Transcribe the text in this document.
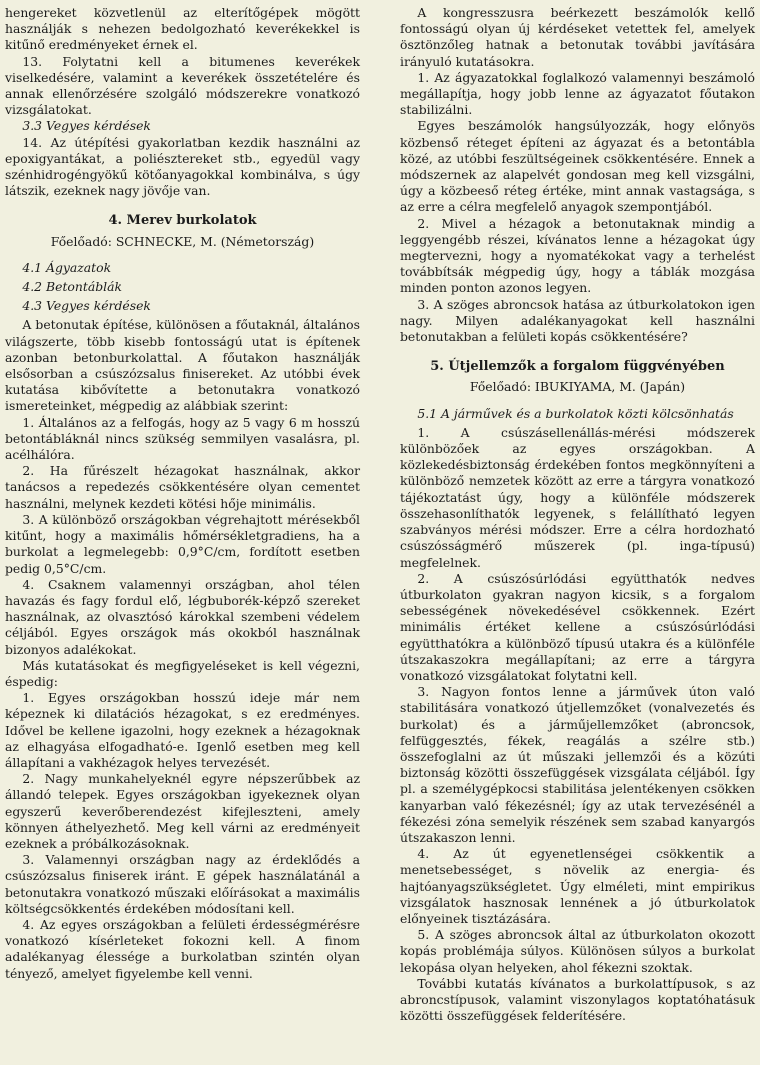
hengereket közvetlenül az elterítőgépek mögött használják s nehezen bedolgozható keverékekkel is kitűnő eredményeket érnek el.

13. Folytatni kell a bitumenes keverékek viselkedésére, valamint a keverékek összetételére és annak ellenőrzésére szolgáló módszerekre vonatkozó vizsgálatokat.

3.3 Vegyes kérdések

14. Az útépítési gyakorlatban kezdik használni az epoxigyantákat, a poliésztereket stb., egyedül vagy szénhidrogéngyökű kötőanyagokkal kombinálva, s úgy látszik, ezeknek nagy jövője van.

4. Merev burkolatok
Főelőadó: SCHNECKE, M. (Németország)

4.1 Ágyazatok

4.2 Betontáblák

4.3 Vegyes kérdések

A betonutak építése, különösen a főutaknál, általános világszerte, több kisebb fontosságú utat is építenek azonban betonburkolattal. A főutakon használják elsősorban a csúszózsalus finisereket. Az utóbbi évek kutatása kibővítette a betonutakra vonatkozó ismereteinket, mégpedig az alábbiak szerint:

1. Általános az a felfogás, hogy az 5 vagy 6 m hosszú betontábláknál nincs szükség semmilyen vasalásra, pl. acélhálóra.

2. Ha fűrészelt hézagokat használnak, akkor tanácsos a repedezés csökkentésére olyan cementet használni, melynek kezdeti kötési hője minimális.

3. A különböző országokban végrehajtott mérésekből kitűnt, hogy a maximális hőmérsékletgradiens, ha a burkolat a legmelegebb: 0,9°C/cm, fordított esetben pedig 0,5°C/cm.

4. Csaknem valamennyi országban, ahol télen havazás és fagy fordul elő, légbuborék-képző szereket használnak, az olvasztósó károkkal szembeni védelem céljából. Egyes országok más okokból használnak bizonyos adalékokat.

Más kutatásokat és megfigyeléseket is kell végezni, éspedig:

1. Egyes országokban hosszú ideje már nem képeznek ki dilatációs hézagokat, s ez eredményes. Idővel be kellene igazolni, hogy ezeknek a hézagoknak az elhagyása elfogadható-e. Igenlő esetben meg kell állapítani a vakhézagok helyes tervezését.

2. Nagy munkahelyeknél egyre népszerűbbek az állandó telepek. Egyes országokban igyekeznek olyan egyszerű keverőberendezést kifejleszteni, amely könnyen áthelyezhető. Meg kell várni az eredményeit ezeknek a próbálkozásoknak.

3. Valamennyi országban nagy az érdeklődés a csúszózsalus finiserek iránt. E gépek használatánál a betonutakra vonatkozó műszaki előírásokat a maximális költségcsökkentés érdekében módosítani kell.

4. Az egyes országokban a felületi érdességmérésre vonatkozó kísérleteket fokozni kell. A finom adalékanyag élessége a burkolatban szintén olyan tényező, amelyet figyelembe kell venni.

A kongresszusra beérkezett beszámolók kellő fontosságú olyan új kérdéseket vetettek fel, amelyek ösztönzőleg hatnak a betonutak további javítására irányuló kutatásokra.

1. Az ágyazatokkal foglalkozó valamennyi beszámoló megállapítja, hogy jobb lenne az ágyazatot főutakon stabilizálni.

Egyes beszámolók hangsúlyozzák, hogy előnyös közbenső réteget építeni az ágyazat és a betontábla közé, az utóbbi feszültségeinek csökkentésére. Ennek a módszernek az alapelvét gondosan meg kell vizsgálni, úgy a közbeeső réteg értéke, mint annak vastagsága, s az erre a célra megfelelő anyagok szempontjából.

2. Mivel a hézagok a betonutaknak mindig a leggyengébb részei, kívánatos lenne a hézagokat úgy megtervezni, hogy a nyomatékokat vagy a terhelést továbbítsák mégpedig úgy, hogy a táblák mozgása minden ponton azonos legyen.

3. A szöges abroncsok hatása az útburkolatokon igen nagy. Milyen adalékanyagokat kell használni betonutakban a felületi kopás csökkentésére?

5. Útjellemzők a forgalom függvényében
Főelőadó: IBUKIYAMA, M. (Japán)

5.1 A járművek és a burkolatok közti kölcsönhatás

1. A csúszásellenállás-mérési módszerek különbözőek az egyes országokban. A közlekedésbiztonság érdekében fontos megkönnyíteni a különböző nemzetek között az erre a tárgyra vonatkozó tájékoztatást úgy, hogy a különféle módszerek összehasonlíthatók legyenek, s felállítható legyen szabványos mérési módszer. Erre a célra hordozható csúszósságmérő műszerek (pl. inga-típusú) megfelelnek.

2. A csúszósúrlódási együtthatók nedves útburkolaton gyakran nagyon kicsik, s a forgalom sebességének növekedésével csökkennek. Ezért minimális értéket kellene a csúszósúrlódási együtthatókra a különböző típusú utakra és a különféle útszakaszokra megállapítani; az erre a tárgyra vonatkozó vizsgálatokat folytatni kell.

3. Nagyon fontos lenne a járművek úton való stabilitására vonatkozó útjellemzőket (vonalvezetés és burkolat) és a járműjellemzőket (abroncsok, felfüggesztés, fékek, reagálás a szélre stb.) összefoglalni az út műszaki jellemzői és a közúti biztonság közötti összefüggések vizsgálata céljából. Így pl. a személygépkocsi stabilitása jelentékenyen csökken kanyarban való fékezésnél; így az utak tervezésénél a fékezési zóna semelyik részének sem szabad kanyargós útszakaszon lenni.

4. Az út egyenetlenségei csökkentik a menetsebességet, s növelik az energia- és hajtóanyagszükségletet. Úgy elméleti, mint empirikus vizsgálatok hasznosak lennének a jó útburkolatok előnyeinek tisztázására.

5. A szöges abroncsok által az útburkolaton okozott kopás problémája súlyos. Különösen súlyos a burkolat lekopása olyan helyeken, ahol fékezni szoktak.

További kutatás kívánatos a burkolattípusok, s az abroncstípusok, valamint viszonylagos koptatóhatásuk közötti összefüggések felderítésére.
